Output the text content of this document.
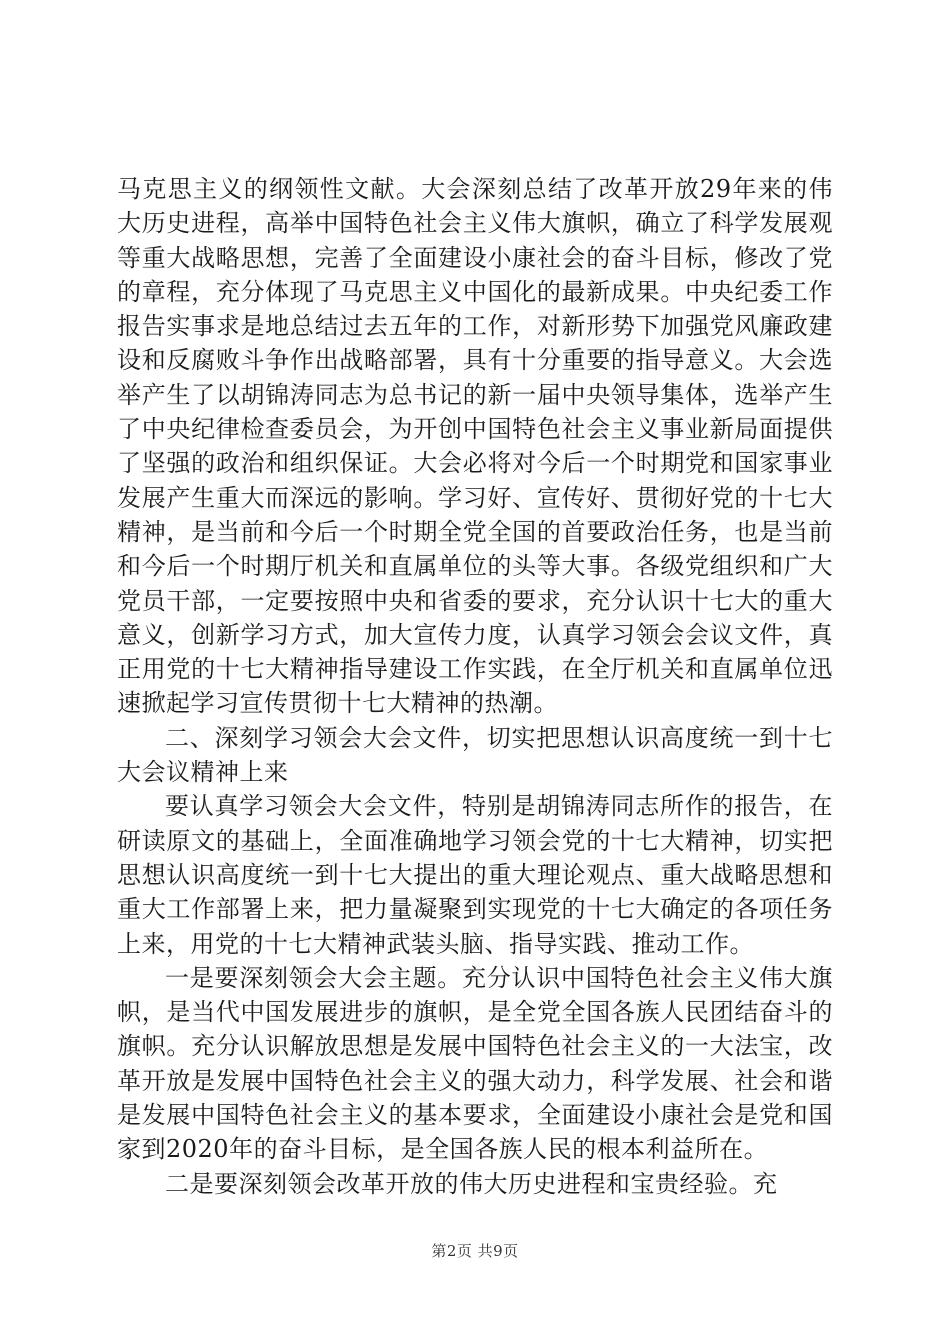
马克思主义的纲领性文献。大会深刻总结了改革开放29年来的伟大历史进程，高举中国特色社会主义伟大旗帜，确立了科学发展观等重大战略思想，完善了全面建设小康社会的奋斗目标，修改了党的章程，充分体现了马克思主义中国化的最新成果。中央纪委工作报告实事求是地总结过去五年的工作，对新形势下加强党风廉政建设和反腐败斗争作出战略部署，具有十分重要的指导意义。大会选举产生了以胡锦涛同志为总书记的新一届中央领导集体，选举产生了中央纪律检查委员会，为开创中国特色社会主义事业新局面提供了坚强的政治和组织保证。大会必将对今后一个时期党和国家事业发展产生重大而深远的影响。学习好、宣传好、贯彻好党的十七大精神，是当前和今后一个时期全党全国的首要政治任务，也是当前和今后一个时期厅机关和直属单位的头等大事。各级党组织和广大党员干部，一定要按照中央和省委的要求，充分认识十七大的重大意义，创新学习方式，加大宣传力度，认真学习领会会议文件，真正用党的十七大精神指导建设工作实践，在全厅机关和直属单位迅速掀起学习宣传贯彻十七大精神的热潮。

二、深刻学习领会大会文件，切实把思想认识高度统一到十七大会议精神上来

要认真学习领会大会文件，特别是胡锦涛同志所作的报告，在研读原文的基础上，全面准确地学习领会党的十七大精神，切实把思想认识高度统一到十七大提出的重大理论观点、重大战略思想和重大工作部署上来，把力量凝聚到实现党的十七大确定的各项任务上来，用党的十七大精神武装头脑、指导实践、推动工作。

一是要深刻领会大会主题。充分认识中国特色社会主义伟大旗帜，是当代中国发展进步的旗帜，是全党全国各族人民团结奋斗的旗帜。充分认识解放思想是发展中国特色社会主义的一大法宝，改革开放是发展中国特色社会主义的强大动力，科学发展、社会和谐是发展中国特色社会主义的基本要求，全面建设小康社会是党和国家到2020年的奋斗目标，是全国各族人民的根本利益所在。

二是要深刻领会改革开放的伟大历史进程和宝贵经验。充

第2页 共9页
